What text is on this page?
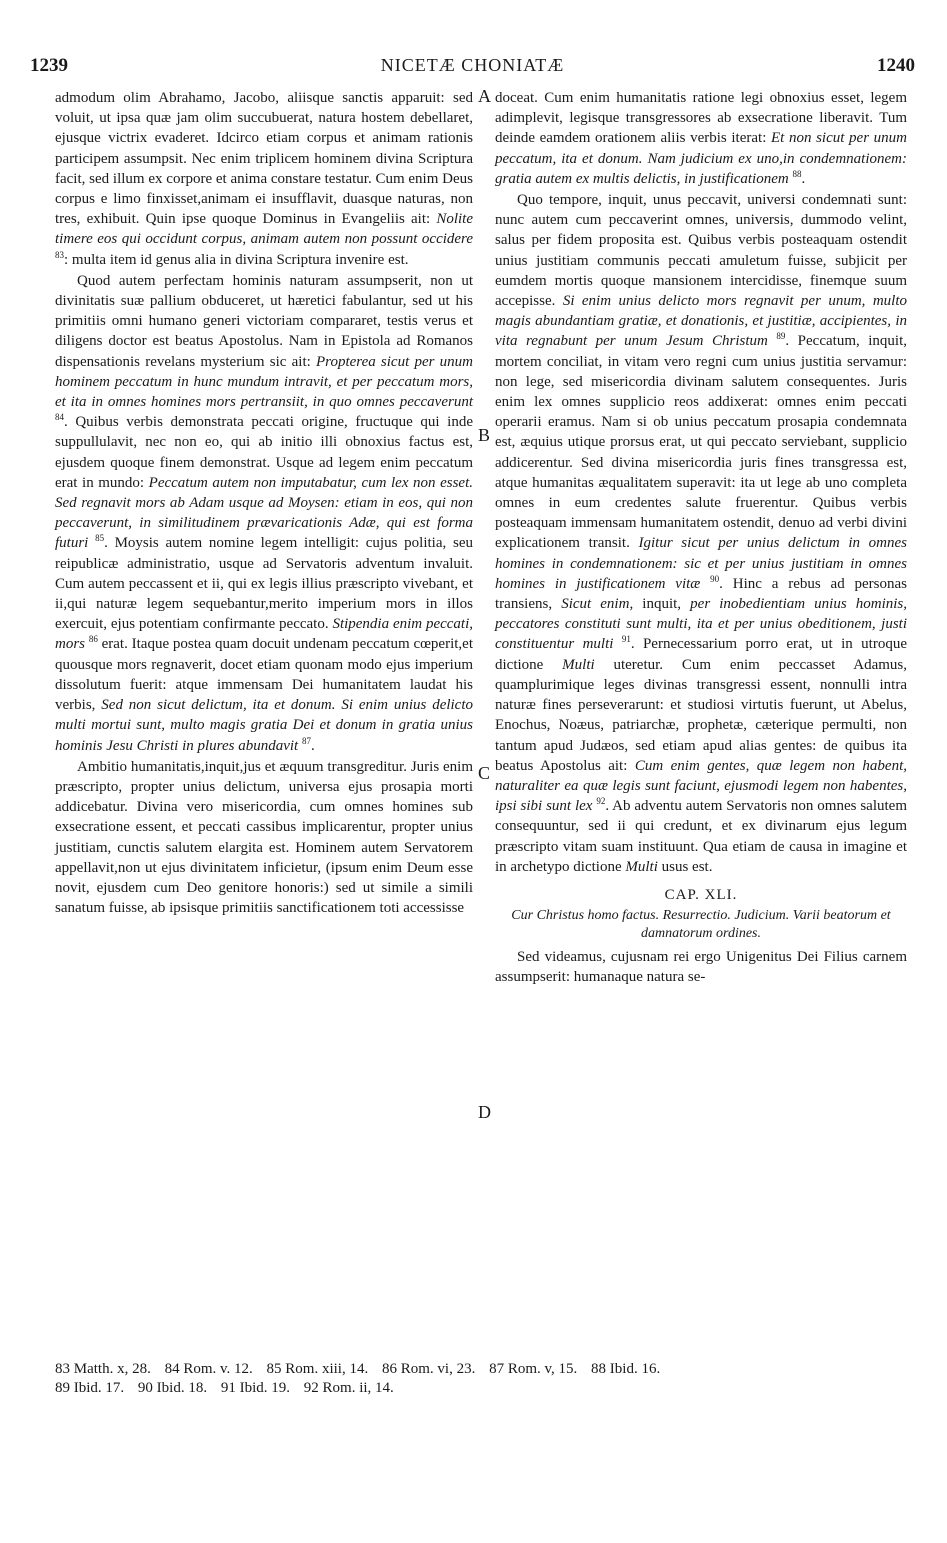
1239	NICETÆ CHONIATÆ	1240
A
B
C
D

admodum olim Abrahamo, Jacobo, aliisque sanctis apparuit: sed voluit, ut ipsa quæ jam olim succubuerat, natura hostem debellaret, ejusque victrix evaderet. Idcirco etiam corpus et animam rationis participem assumpsit. Nec enim triplicem hominem divina Scriptura facit, sed illum ex corpore et anima constare testatur. Cum enim Deus corpus e limo finxisset,animam ei insufflavit, duasque naturas, non tres, exhibuit. Quin ipse quoque Dominus in Evangeliis ait: Nolite timere eos qui occidunt corpus, animam autem non possunt occidere $^{83}$: multa item id genus alia in divina Scriptura invenire est.

Quod autem perfectam hominis naturam assumpserit, non ut divinitatis suæ pallium obduceret, ut hæretici fabulantur, sed ut his primitiis omni humano generi victoriam compararet, testis verus et diligens doctor est beatus Apostolus. Nam in Epistola ad Romanos dispensationis revelans mysterium sic ait: Propterea sicut per unum hominem peccatum in hunc mundum intravit, et per peccatum mors, et ita in omnes homines mors pertransiit, in quo omnes peccaverunt $^{84}$. Quibus verbis demonstrata peccati origine, fructuque qui inde suppullulavit, nec non eo, qui ab initio illi obnoxius factus est, ejusdem quoque finem demonstrat. Usque ad legem enim peccatum erat in mundo: Peccatum autem non imputabatur, cum lex non esset. Sed regnavit mors ab Adam usque ad Moysen: etiam in eos, qui non peccaverunt, in similitudinem prævaricationis Adæ, qui est forma futuri $^{85}$. Moysis autem nomine legem intelligit: cujus politia, seu reipublicæ administratio, usque ad Servatoris adventum invaluit. Cum autem peccassent et ii, qui ex legis illius præscripto vivebant, et ii,qui naturæ legem sequebantur,merito imperium mors in illos exercuit, ejus potentiam confirmante peccato. Stipendia enim peccati, mors $^{86}$ erat. Itaque postea quam docuit undenam peccatum cœperit,et quousque mors regnaverit, docet etiam quonam modo ejus imperium dissolutum fuerit: atque immensam Dei humanitatem laudat his verbis, Sed non sicut delictum, ita et donum. Si enim unius delicto multi mortui sunt, multo magis gratia Dei et donum in gratia unius hominis Jesu Christi in plures abundavit $^{87}$.

Ambitio humanitatis,inquit,jus et æquum transgreditur. Juris enim præscripto, propter unius delictum, universa ejus prosapia morti addicebatur. Divina vero misericordia, cum omnes homines sub exsecratione essent, et peccati cassibus implicarentur, propter unius justitiam, cunctis salutem elargita est. Hominem autem Servatorem appellavit,non ut ejus divinitatem inficietur, (ipsum enim Deum esse novit, ejusdem cum Deo genitore honoris:) sed ut simile a simili sanatum fuisse, ab ipsisque primitiis sanctificationem toti accessisse

doceat. Cum enim humanitatis ratione legi obnoxius esset, legem adimplevit, legisque transgressores ab exsecratione liberavit. Tum deinde eamdem orationem aliis verbis iterat: Et non sicut per unum peccatum, ita et donum. Nam judicium ex uno,in condemnationem: gratia autem ex multis delictis, in justificationem $^{88}$.

Quo tempore, inquit, unus peccavit, universi condemnati sunt: nunc autem cum peccaverint omnes, universis, dummodo velint, salus per fidem proposita est. Quibus verbis posteaquam ostendit unius justitiam communis peccati amuletum fuisse, subjicit per eumdem mortis quoque mansionem intercidisse, finemque suum accepisse. Si enim unius delicto mors regnavit per unum, multo magis abundantiam gratiæ, et donationis, et justitiæ, accipientes, in vita regnabunt per unum Jesum Christum $^{89}$. Peccatum, inquit, mortem conciliat, in vitam vero regni cum unius justitia servamur: non lege, sed misericordia divinam salutem consequentes. Juris enim lex omnes supplicio reos addixerat: omnes enim peccati operarii eramus. Nam si ob unius peccatum prosapia condemnata est, æquius utique prorsus erat, ut qui peccato serviebant, supplicio addicerentur. Sed divina misericordia juris fines transgressa est, atque humanitas æqualitatem superavit: ita ut lege ab uno completa omnes in eum credentes salute fruerentur. Quibus verbis posteaquam immensam humanitatem ostendit, denuo ad verbi divini explicationem transit. Igitur sicut per unius delictum in omnes homines in condemnationem: sic et per unius justitiam in omnes homines in justificationem vitæ $^{90}$. Hinc a rebus ad personas transiens, Sicut enim, inquit, per inobedientiam unius hominis, peccatores constituti sunt multi, ita et per unius obeditionem, justi constituentur multi $^{91}$. Pernecessarium porro erat, ut in utroque dictione Multi uteretur. Cum enim peccasset Adamus, quamplurimique leges divinas transgressi essent, nonnulli intra naturæ fines perseverarunt: et studiosi virtutis fuerunt, ut Abelus, Enochus, Noæus, patriarchæ, prophetæ, cæterique permulti, non tantum apud Judæos, sed etiam apud alias gentes: de quibus ita beatus Apostolus ait: Cum enim gentes, quæ legem non habent, naturaliter ea quæ legis sunt faciunt, ejusmodi legem non habentes, ipsi sibi sunt lex $^{92}$. Ab adventu autem Servatoris non omnes salutem consequuntur, sed ii qui credunt, et ex divinarum ejus legum præscripto vitam suam instituunt. Qua etiam de causa in imagine et in archetypo dictione Multi usus est.

CAP. XLI.
Cur Christus homo factus. Resurrectio. Judicium. Varii beatorum et damnatorum ordines.

Sed videamus, cujusnam rei ergo Unigenitus Dei Filius carnem assumpserit: humanaque natura se-

83 Matth. x, 28. 84 Rom. v. 12. 85 Rom. xiii, 14. 86 Rom. vi, 23. 87 Rom. v, 15. 88 Ibid. 16.
89 Ibid. 17. 90 Ibid. 18. 91 Ibid. 19. 92 Rom. ii, 14.
